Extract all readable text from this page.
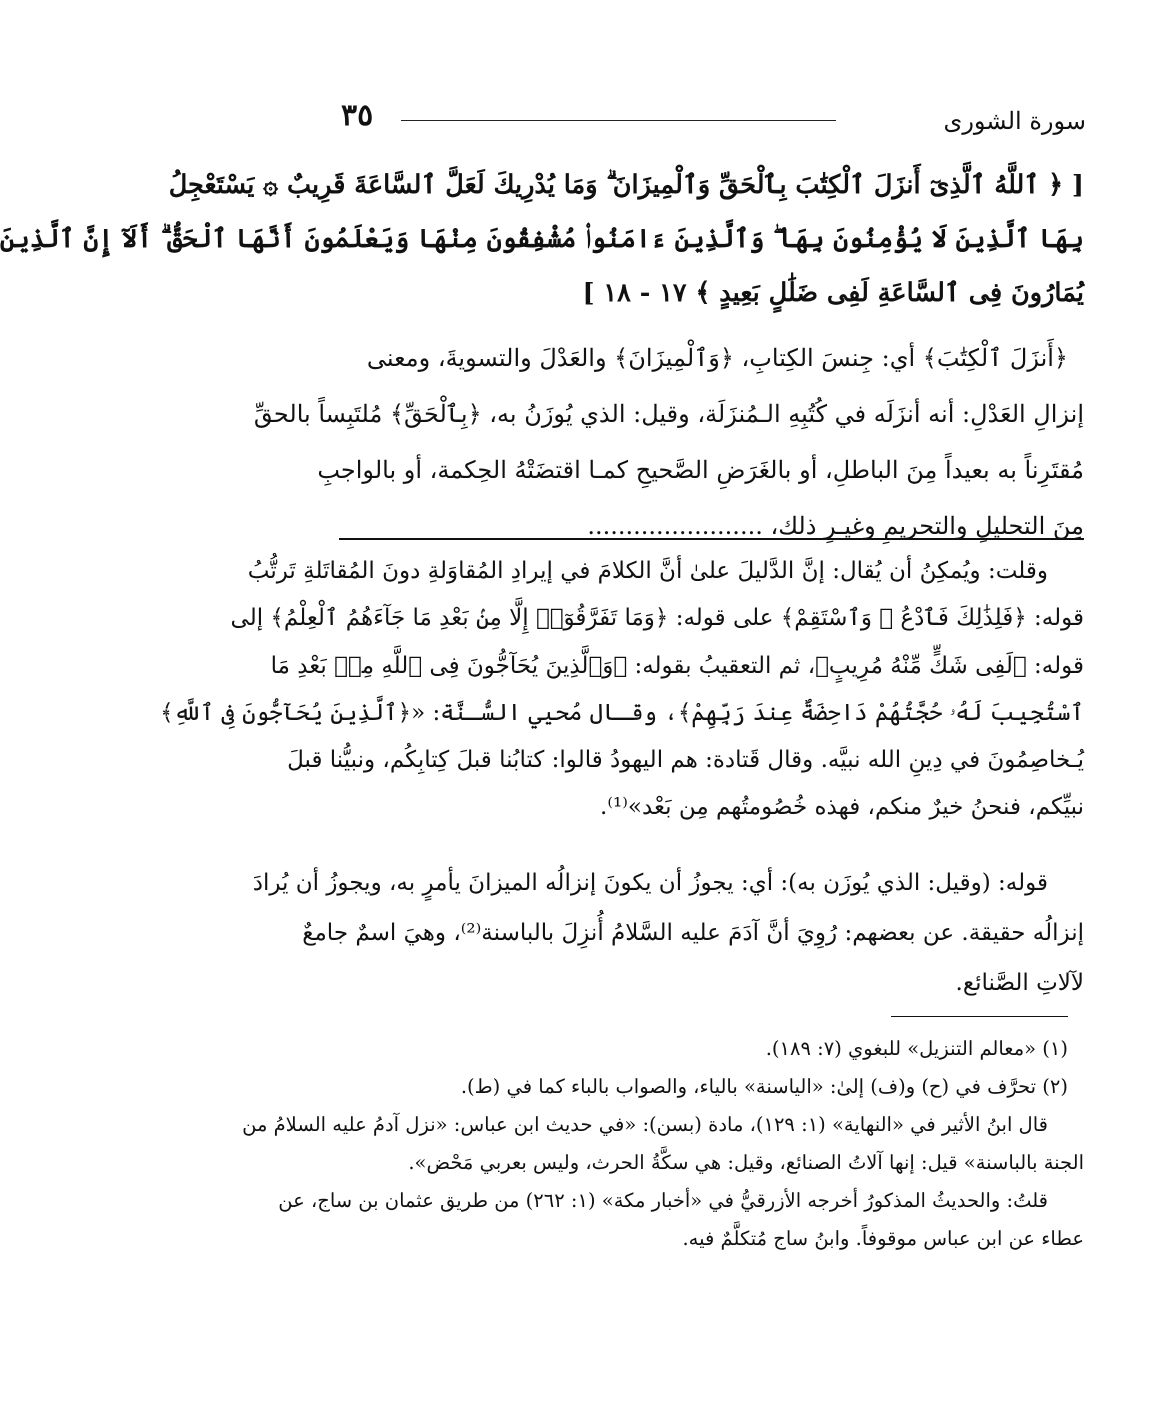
٣٥	سورة الشورى
[ ﴿ ٱللَّهُ ٱلَّذِىٓ أَنزَلَ ٱلْكِتَٰبَ بِٱلْحَقِّ وَٱلْمِيزَانَ ۗ وَمَا يُدْرِيكَ لَعَلَّ ٱلسَّاعَةَ قَرِيبٌ ۞ يَسْتَعْجِلُ
بِهَا ٱلَّذِينَ لَا يُؤْمِنُونَ بِهَا ۖ وَٱلَّذِينَ ءَامَنُوا۟ مُشْفِقُونَ مِنْهَا وَيَعْلَمُونَ أَنَّهَا ٱلْحَقُّ ۗ أَلَآ إِنَّ ٱلَّذِينَ
يُمَارُونَ فِى ٱلسَّاعَةِ لَفِى ضَلَٰلٍ بَعِيدٍ ﴾ ١٧ - ١٨ ]
﴿أَنزَلَ ٱلْكِتَٰبَ﴾ أي: جِنسَ الكِتابِ، ﴿وَٱلْمِيزَانَ﴾ والعَدْلَ والتسويةَ، ومعنى
إنزالِ العَدْلِ: أنه أنزَلَه في كُتُبِهِ الـمُنزَلَة، وقيل: الذي يُوزَنُ به، ﴿بِٱلْحَقِّ﴾ مُلتَبِساً بالحقِّ
مُقتَرِناً به بعيداً مِنَ الباطلِ، أو بالغَرَضِ الصَّحيحِ كمـا اقتضَتْهُ الحِكمة، أو بالواجبِ
مِنَ التحليلِ والتحريمِ وغيـرِ ذلك، .......................
وقلت: ويُمكِنُ أن يُقال: إنَّ الدَّليلَ علىٰ أنَّ الكلامَ في إيرادِ المُقاوَلةِ دونَ المُقاتَلةِ تَرتُّبُ
قوله: ﴿فَلِذَٰلِكَ فَٱدْعُ ۖ وَٱسْتَقِمْ﴾ على قوله: ﴿وَمَا تَفَرَّقُوٓا۟ إِلَّا مِنۢ بَعْدِ مَا جَآءَهُمُ ٱلْعِلْمُ﴾ إلى
قوله: ﴿لَفِى شَكٍّ مِّنْهُ مُرِيبٍ﴾، ثم التعقيبُ بقوله: ﴿وَٱلَّذِينَ يُحَآجُّونَ فِى ٱللَّهِ مِنۢ بَعْدِ مَا
ٱسْتُجِيبَ لَهُۥ حُجَّتُهُمْ دَاحِضَةٌ عِندَ رَبِّهِمْ﴾، وقـال مُحيي السُّـنَّة: «﴿ٱلَّذِينَ يُحَآجُّونَ فِى ٱللَّهِ﴾
يُـخاصِمُونَ في دِينِ الله نبيَّه. وقال قَتادة: هم اليهودُ قالوا: كتابُنا قبلَ كِتابِكُم، ونبيُّنا قبلَ
نبيِّكم، فنحنُ خيرٌ منكم، فهذه خُصُومتُهم مِن بَعْد»⁽¹⁾.
قوله: (وقيل: الذي يُوزَن به): أي: يجوزُ أن يكونَ إنزالُه الميزانَ يأمرٍ به، ويجوزُ أن يُرادَ
إنزالُه حقيقة. عن بعضهم: رُوِيَ أنَّ آدَمَ عليه السَّلامُ أُنزِلَ بالباسنة⁽²⁾، وهيَ اسمٌ جامعٌ
لآلاتِ الصَّنائع.
(١) «معالم التنزيل» للبغوي (٧: ١٨٩).
(٢) تحرَّف في (ح) و(ف) إلىٰ: «الياسنة» بالياء، والصواب بالباء كما في (ط).
قال ابنُ الأثير في «النهاية» (١: ١٢٩)، مادة (بسن): «في حديث ابن عباس: «نزل آدمُ عليه السلامُ من
الجنة بالباسنة» قيل: إنها آلاتُ الصنائع، وقيل: هي سكَّةُ الحرث، وليس بعربي مَحْض».
قلتُ: والحديثُ المذكورُ أخرجه الأزرقيُّ في «أخبار مكة» (١: ٢٦٢) من طريق عثمان بن ساج، عن
عطاء عن ابن عباس موقوفاً. وابنُ ساج مُتكلَّمٌ فيه.
